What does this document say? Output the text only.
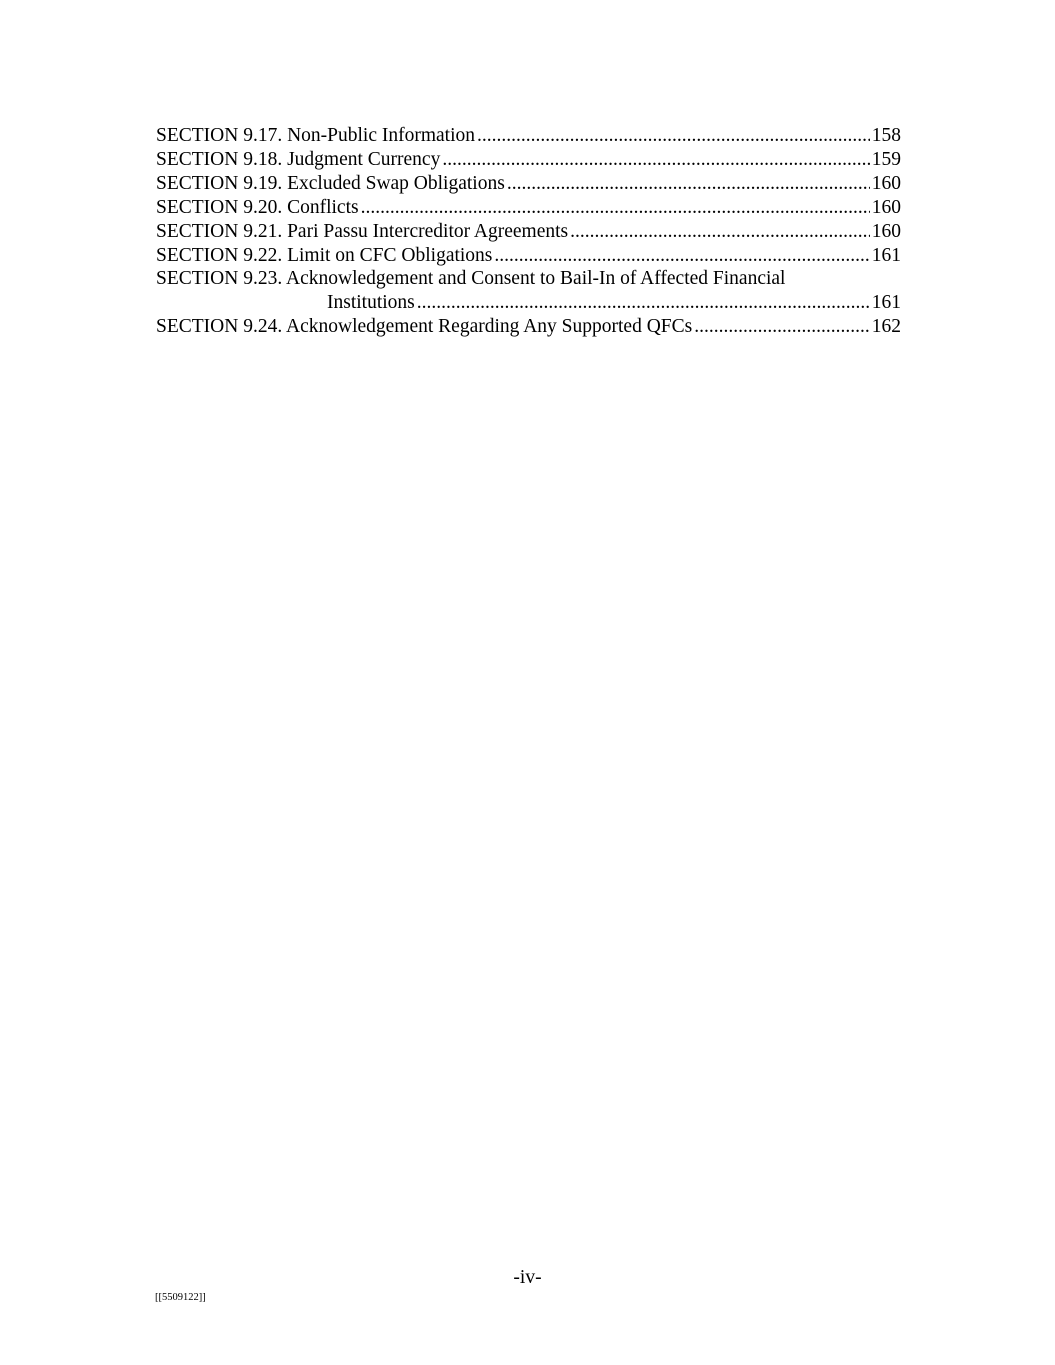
SECTION 9.17. Non-Public Information .....	158
SECTION 9.18. Judgment Currency .....	159
SECTION 9.19. Excluded Swap Obligations .....	160
SECTION 9.20. Conflicts .....	160
SECTION 9.21. Pari Passu Intercreditor Agreements .....	160
SECTION 9.22. Limit on CFC Obligations .....	161
SECTION 9.23. Acknowledgement and Consent to Bail-In of Affected Financial
Institutions .....	161
SECTION 9.24. Acknowledgement Regarding Any Supported QFCs .....	162
-iv-
[[5509122]]
